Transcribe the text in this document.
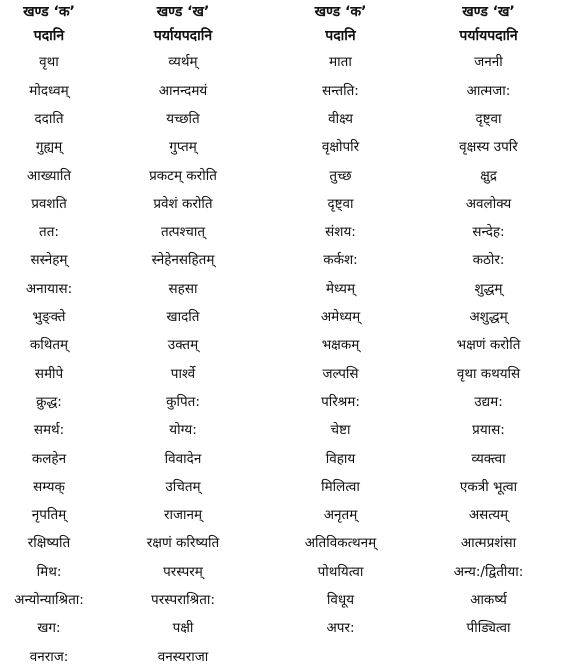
खण्ड ‘क’	खण्ड ‘ख’	खण्ड ‘क’	खण्ड ‘ख’
पदानि	पर्यायपदानि	पदानि	पर्यायपदानि
वृथा	व्यर्थम्	माता	जननी
मोदध्वम्	आनन्दमयं	सन्तति:	आत्मजा:
ददाति	यच्छति	वीक्ष्य	दृष्ट्वा
गुह्यम्	गुप्तम्	वृक्षोपरि	वृक्षस्य उपरि
आख्याति	प्रकटम् करोति	तुच्छ	क्षुद्र
प्रवशति	प्रवेशं करोति	दृष्ट्वा	अवलोक्य
तत:	तत्पश्चात्	संशय:	सन्देह:
सस्नेहम्	स्नेहेनसहितम्	कर्कश:	कठोर:
अनायास:	सहसा	मेध्यम्	शुद्धम्
भुङ्क्ते	खादति	अमेध्यम्	अशुद्धम्
कथितम्	उक्तम्	भक्षकम्	भक्षणं करोति
समीपे	पार्श्वे	जल्पसि	वृथा कथयसि
क्रुद्ध:	कुपित:	परिश्रम:	उद्यम:
समर्थ:	योग्य:	चेष्टा	प्रयास:
कलहेन	विवादेन	विहाय	व्यक्त्वा
सम्यक्	उचितम्	मिलित्वा	एकत्री भूत्वा
नृपतिम्	राजानम्	अनृतम्	असत्यम्
रक्षिष्यति	रक्षणं करिष्यति	अतिविकत्थनम्	आत्मप्रशंसा
मिथ:	परस्परम्	पोथयित्वा	अन्य:/द्वितीया:
अन्योन्याश्रिता:	परस्पराश्रिता:	विधूय	आकर्ष्य
खग:	पक्षी	अपर:	पीड्यित्वा
वनराज:	वनस्यराजा
